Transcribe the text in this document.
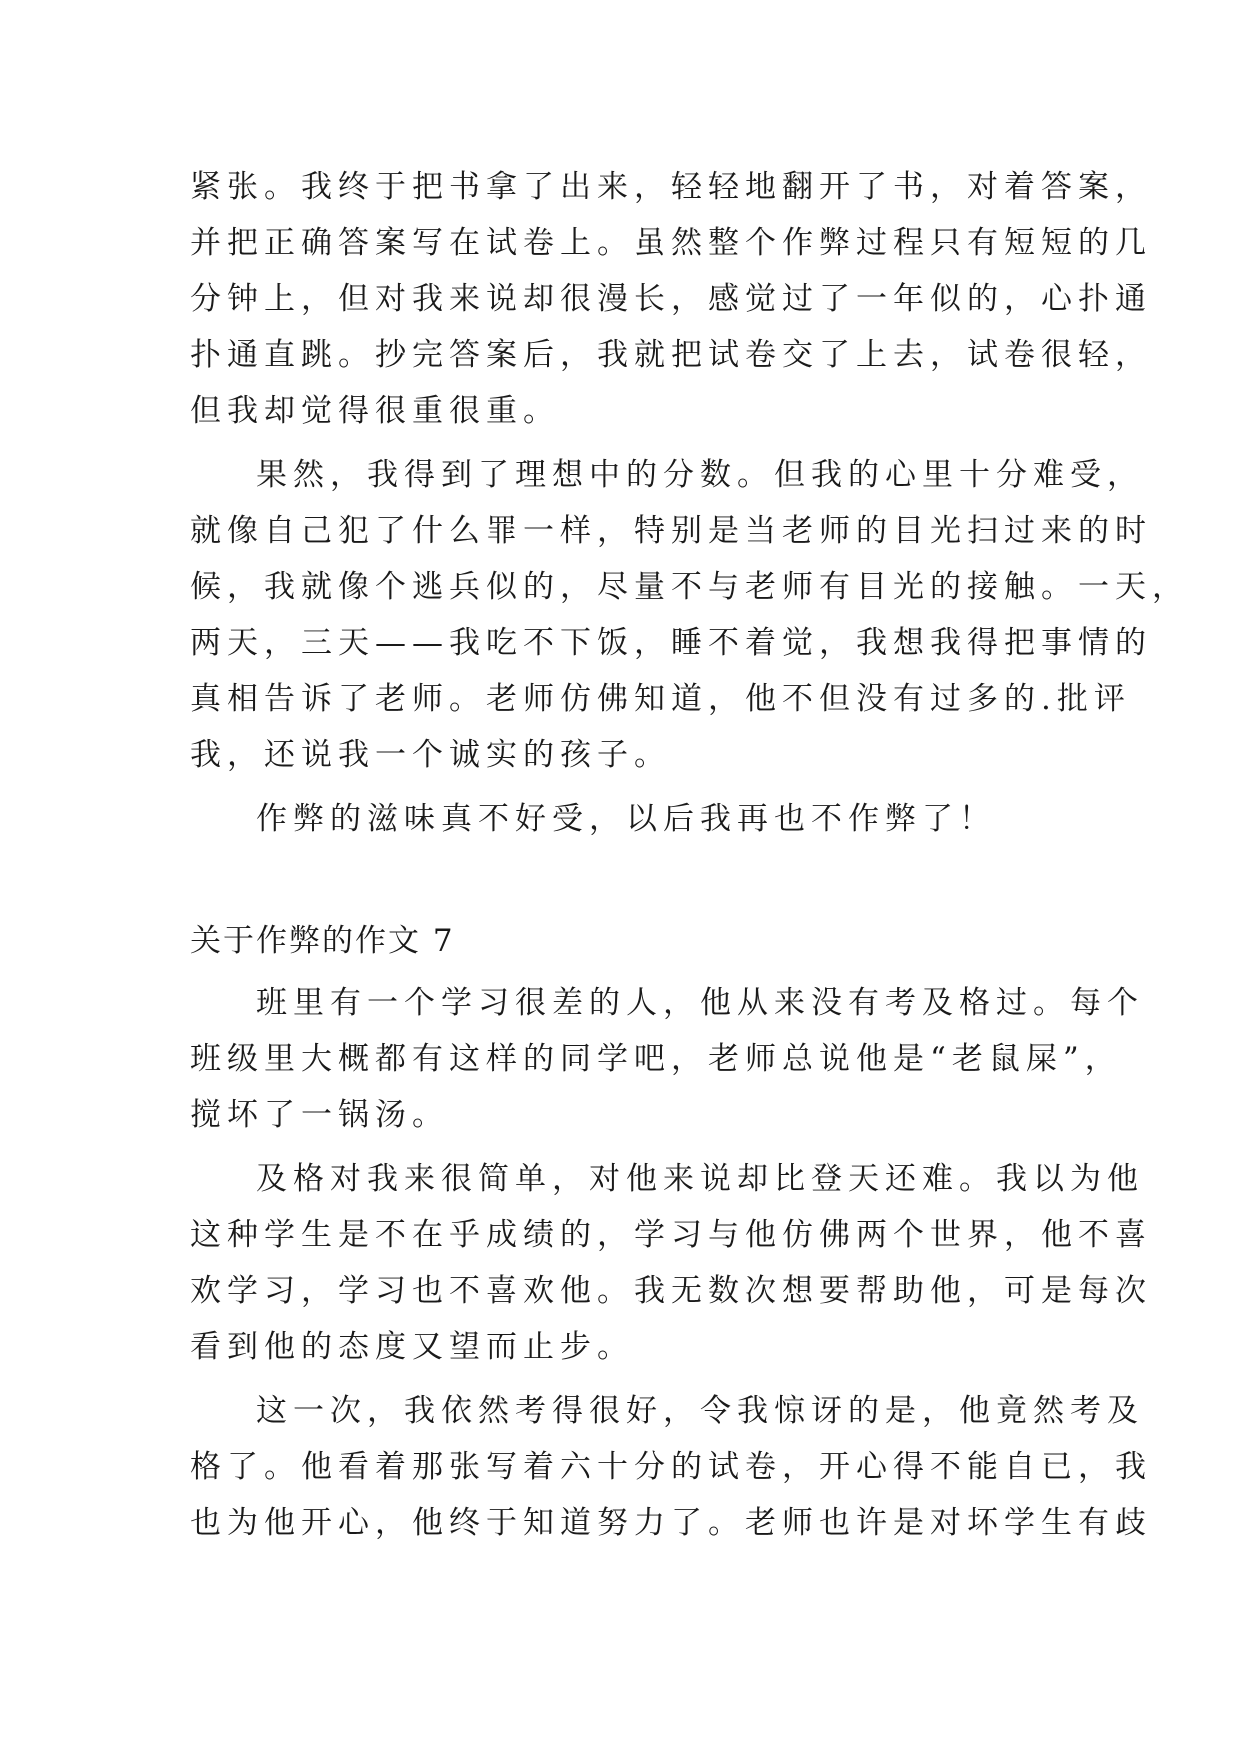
紧张。我终于把书拿了出来，轻轻地翻开了书，对着答案，
并把正确答案写在试卷上。虽然整个作弊过程只有短短的几
分钟上，但对我来说却很漫长，感觉过了一年似的，心扑通
扑通直跳。抄完答案后，我就把试卷交了上去，试卷很轻，
但我却觉得很重很重。
果然，我得到了理想中的分数。但我的心里十分难受，
就像自己犯了什么罪一样，特别是当老师的目光扫过来的时
候，我就像个逃兵似的，尽量不与老师有目光的接触。一天，
两天，三天——我吃不下饭，睡不着觉，我想我得把事情的
真相告诉了老师。老师仿佛知道，他不但没有过多的.批评
我，还说我一个诚实的孩子。
作弊的滋味真不好受，以后我再也不作弊了！
关于作弊的作文 7
班里有一个学习很差的人，他从来没有考及格过。每个
班级里大概都有这样的同学吧，老师总说他是“老鼠屎”，
搅坏了一锅汤。
及格对我来很简单，对他来说却比登天还难。我以为他
这种学生是不在乎成绩的，学习与他仿佛两个世界，他不喜
欢学习，学习也不喜欢他。我无数次想要帮助他，可是每次
看到他的态度又望而止步。
这一次，我依然考得很好，令我惊讶的是，他竟然考及
格了。他看着那张写着六十分的试卷，开心得不能自已，我
也为他开心，他终于知道努力了。老师也许是对坏学生有歧
